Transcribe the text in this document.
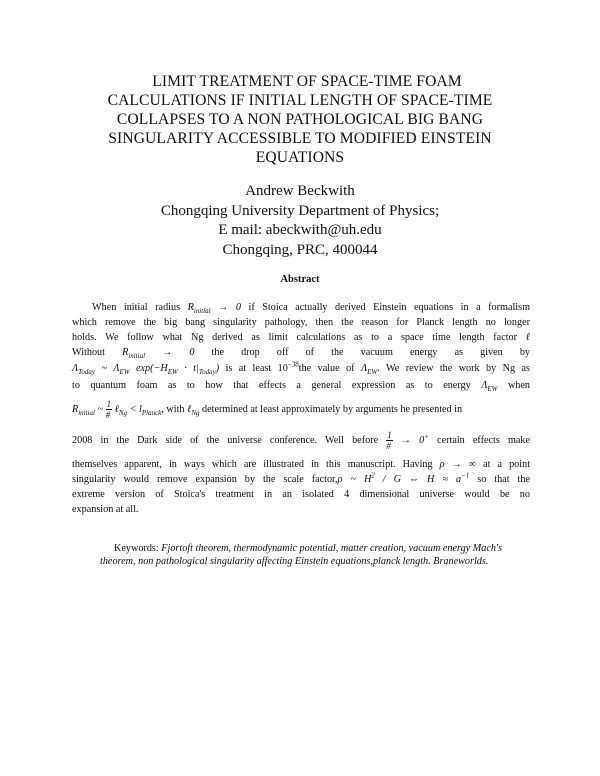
LIMIT TREATMENT OF SPACE-TIME FOAM
CALCULATIONS IF INITIAL LENGTH OF SPACE-TIME
COLLAPSES TO A NON PATHOLOGICAL BIG BANG
SINGULARITY ACCESSIBLE TO MODIFIED EINSTEIN
EQUATIONS
Andrew Beckwith
Chongqing University Department of Physics;
E mail: abeckwith@uh.edu
Chongqing, PRC, 400044
Abstract
When initial radius $R_{initial} \to 0$ if Stoica actually derived Einstein equations in a formalism
which remove the big bang singularity pathology, then the reason for Planck length no longer
holds. We follow what Ng derived as limit calculations as to a space time length factor ℓ
Without $R_{initial} \to 0$ the drop off of the vacuum energy as given by
$\Lambda_{Today}$ ~ $\Lambda_{EW}$ $\exp(-H_{EW} \cdot t|_{Today})$ is at least $10^{-38}the$ value of $\Lambda_{EW}$. We review the work by Ng as
to quantum foam as to how that effects a general expression as to energy $\Lambda_{EW}$ when
$R_{initial}$ ~ $\frac{1}{\#}$ ℓ$_{Ng}$ < $l_{Planck}$, with ℓ$_{Ng}$ determined at least approximately by arguments he presented in
2008 in the Dark side of the universe conference. Well before $\frac{1}{\#} \to 0^+$ certain effects make
themselves apparent, in ways which are illustrated in this manuscript. Having ρ → ∞ at a point
singularity would remove expansion by the scale factor,ρ ~ $H^2$ / G ⇔ $H \approx a^{-1}$ so that the
extreme version of Stoica's treatment in an isolated 4 dimensional universe would be no
expansion at all.
Keywords: Fjortoft theorem, thermodynamic potential, matter creation, vacuum energy Mach's theorem, non pathological singularity affecting Einstein equations,planck length. Braneworlds.
